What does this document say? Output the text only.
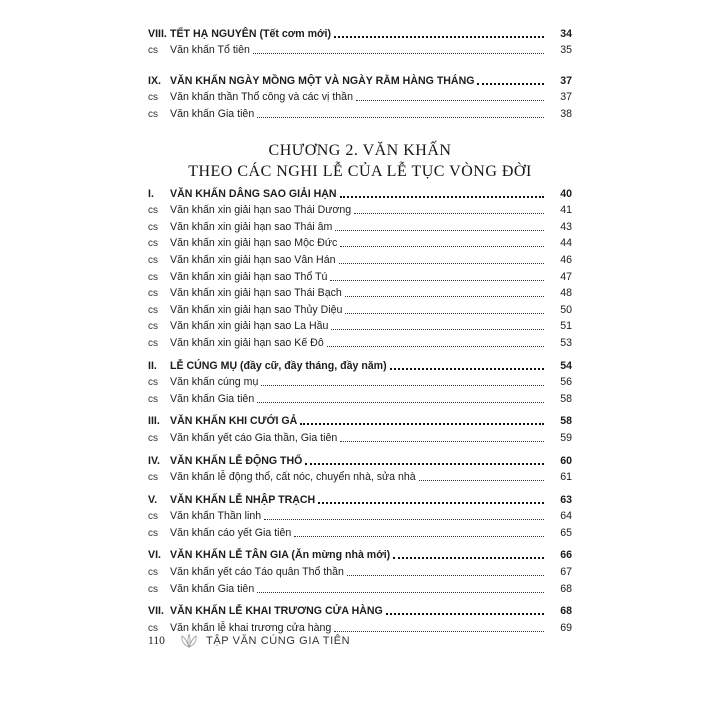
VIII. TẾT HẠ NGUYÊN (Tết cơm mới)	34
cs	Văn khấn Tổ tiên	35
IX. VĂN KHẤN NGÀY MỒNG MỘT VÀ NGÀY RẰM HÀNG THÁNG	37
cs	Văn khấn thần Thổ công và các vị thần	37
cs	Văn khấn Gia tiên	38
CHƯƠNG 2. VĂN KHẤN
THEO CÁC NGHI LỄ CỦA LỄ TỤC VÒNG ĐỜI
I.	VĂN KHẤN DÂNG SAO GIẢI HẠN	40
cs	Văn khấn xin giải hạn sao Thái Dương	41
cs	Văn khấn xin giải hạn sao Thái âm	43
cs	Văn khấn xin giải hạn sao Mộc Đức	44
cs	Văn khấn xin giải hạn sao Vân Hán	46
cs	Văn khấn xin giải hạn sao Thổ Tú	47
cs	Văn khấn xin giải hạn sao Thái Bạch	48
cs	Văn khấn xin giải hạn sao Thủy Diệu	50
cs	Văn khấn xin giải hạn sao La Hầu	51
cs	Văn khấn xin giải hạn sao Kế Đô	53
II.	LỄ CÚNG MỤ (đầy cữ, đầy tháng, đầy năm)	54
cs	Văn khấn cúng mụ	56
cs	Văn khấn Gia tiên	58
III. VĂN KHẤN KHI CƯỚI GẢ	58
cs	Văn khấn yết cáo Gia thần, Gia tiên	59
IV. VĂN KHẤN LỄ ĐỘNG THỔ	60
cs	Văn khấn lễ động thổ, cất nóc, chuyển nhà, sửa nhà	61
V.	VĂN KHẤN LỄ NHẬP TRẠCH	63
cs	Văn khấn Thần linh	64
cs	Văn khấn cáo yết Gia tiên	65
VI. VĂN KHẤN LỄ TÂN GIA (Ăn mừng nhà mới)	66
cs	Văn khấn yết cáo Táo quân Thổ thần	67
cs	Văn khấn Gia tiên	68
VII. VĂN KHẤN LỄ KHAI TRƯƠNG CỬA HÀNG	68
cs	Văn khấn lễ khai trương cửa hàng	69
110	TẬP VĂN CÚNG GIA TIÊN
